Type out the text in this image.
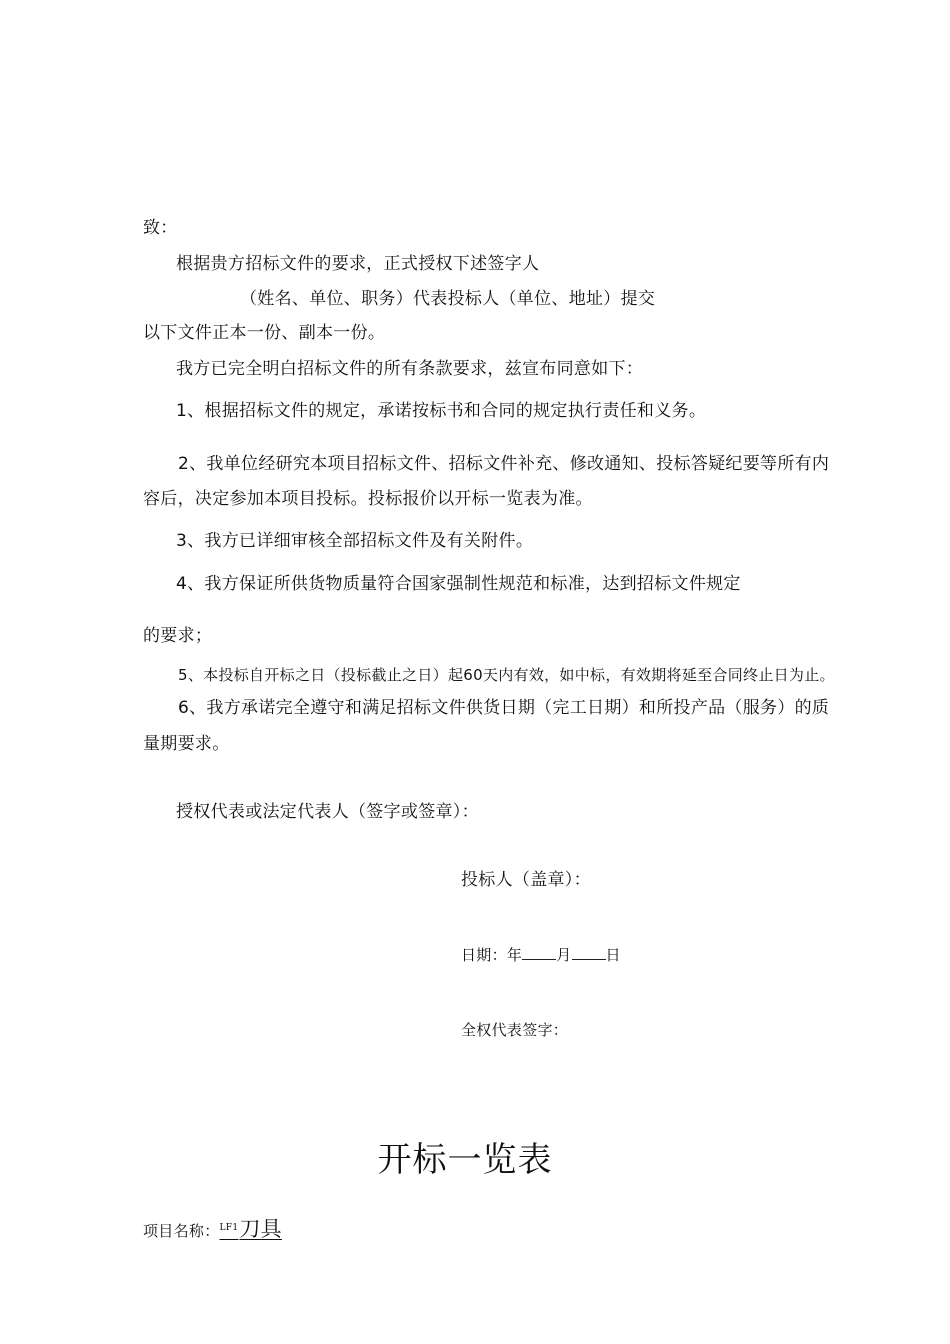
致：
根据贵方招标文件的要求，正式授权下述签字人
（姓名、单位、职务）代表投标人（单位、地址）提交
以下文件正本一份、副本一份。
我方已完全明白招标文件的所有条款要求，兹宣布同意如下：
1、根据招标文件的规定，承诺按标书和合同的规定执行责任和义务。
2、我单位经研究本项目招标文件、招标文件补充、修改通知、投标答疑纪要等所有内
容后，决定参加本项目投标。投标报价以开标一览表为准。
3、我方已详细审核全部招标文件及有关附件。
4、我方保证所供货物质量符合国家强制性规范和标准，达到招标文件规定
的要求；
5、本投标自开标之日（投标截止之日）起60天内有效，如中标，有效期将延至合同终止日为止。
6、我方承诺完全遵守和满足招标文件供货日期（完工日期）和所投产品（服务）的质
量期要求。
授权代表或法定代表人（签字或签章）：
投标人（盖章）：
日期：年 月 日
全权代表签字：
开标一览表
项目名称：$^{LF1}$刀具
